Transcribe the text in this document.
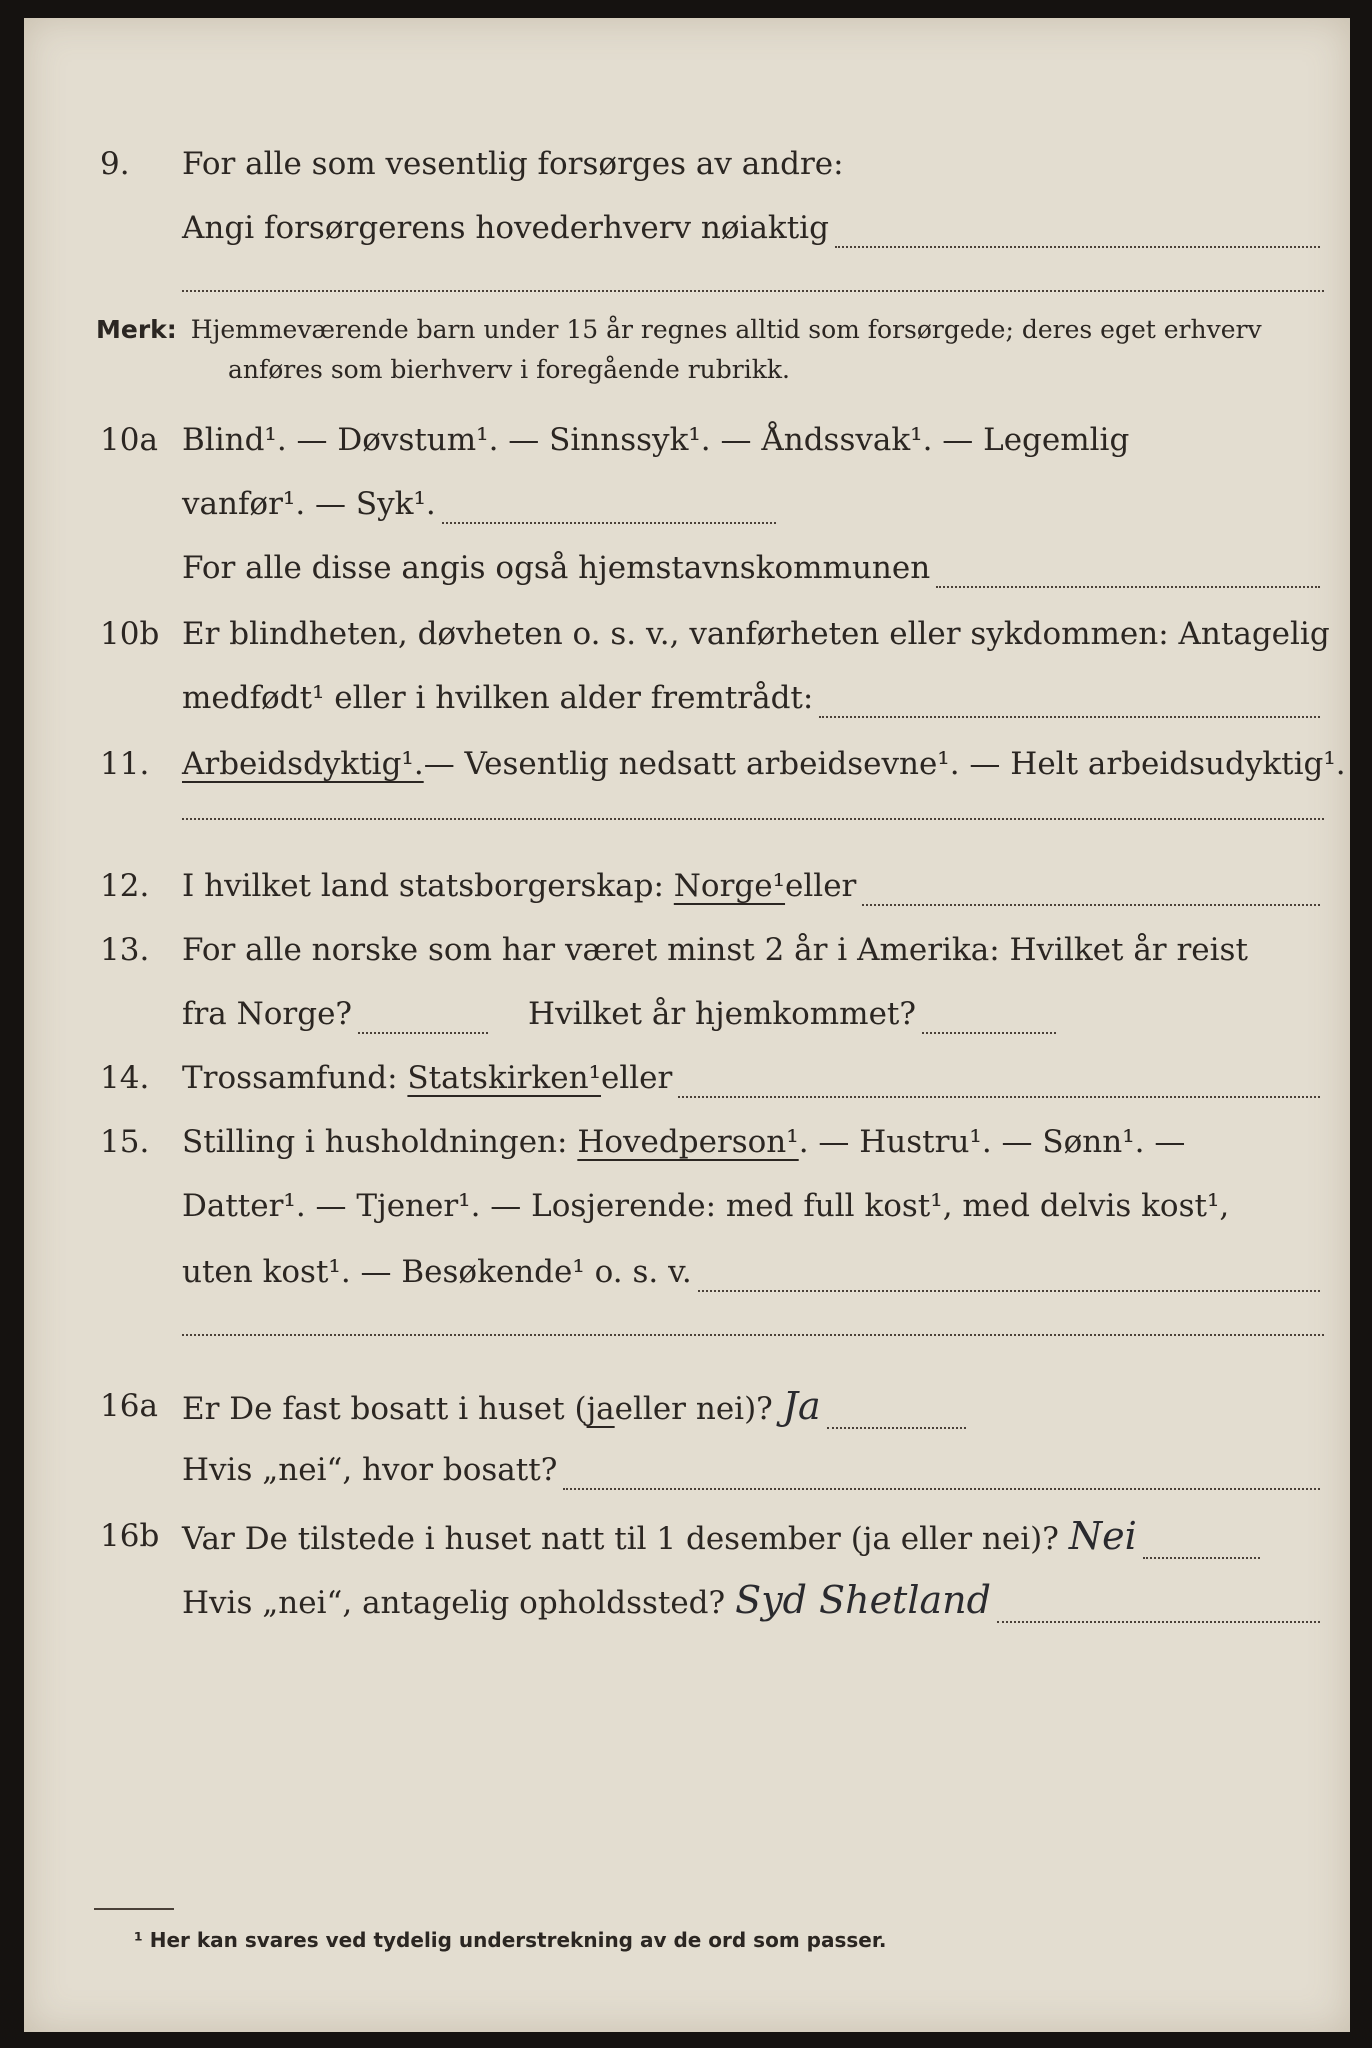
9. For alle som vesentlig forsørges av andre:
Angi forsørgerens hovederhverv nøiaktig
Merk: Hjemmeværende barn under 15 år regnes alltid som forsørgede; deres eget erhverv
anføres som bierhverv i foregående rubrikk.
10a Blind¹. — Døvstum¹. — Sinnssyk¹. — Åndssvak¹. — Legemlig
vanfør¹. — Syk¹.
For alle disse angis også hjemstavnskommunen
10b Er blindheten, døvheten o. s. v., vanførheten eller sykdommen: Antagelig
medfødt¹ eller i hvilken alder fremtrådt:
11. Arbeidsdyktig¹. — Vesentlig nedsatt arbeidsevne¹. — Helt arbeidsudyktig¹.
12. I hvilket land statsborgerskap:
Norge¹ eller
13. For alle norske som har været minst 2 år i Amerika: Hvilket år reist
fra Norge?	Hvilket år hjemkommet?
14. Trossamfund:
Statskirken¹ eller
15. Stilling i husholdningen:
Hovedperson¹ . — Hustru¹. — Sønn¹. —
Datter¹. — Tjener¹. — Losjerende: med full kost¹, med delvis kost¹,
uten kost¹. — Besøkende¹ o. s. v.
16a Er De fast bosatt i huset ( ja eller nei)? Ja
Hvis „nei“, hvor bosatt?
16b Var De tilstede i huset natt til 1 desember (ja eller nei)? Nei
Hvis „nei“, antagelig opholdssted? Syd Shetland
¹ Her kan svares ved tydelig understrekning av de ord som passer.
